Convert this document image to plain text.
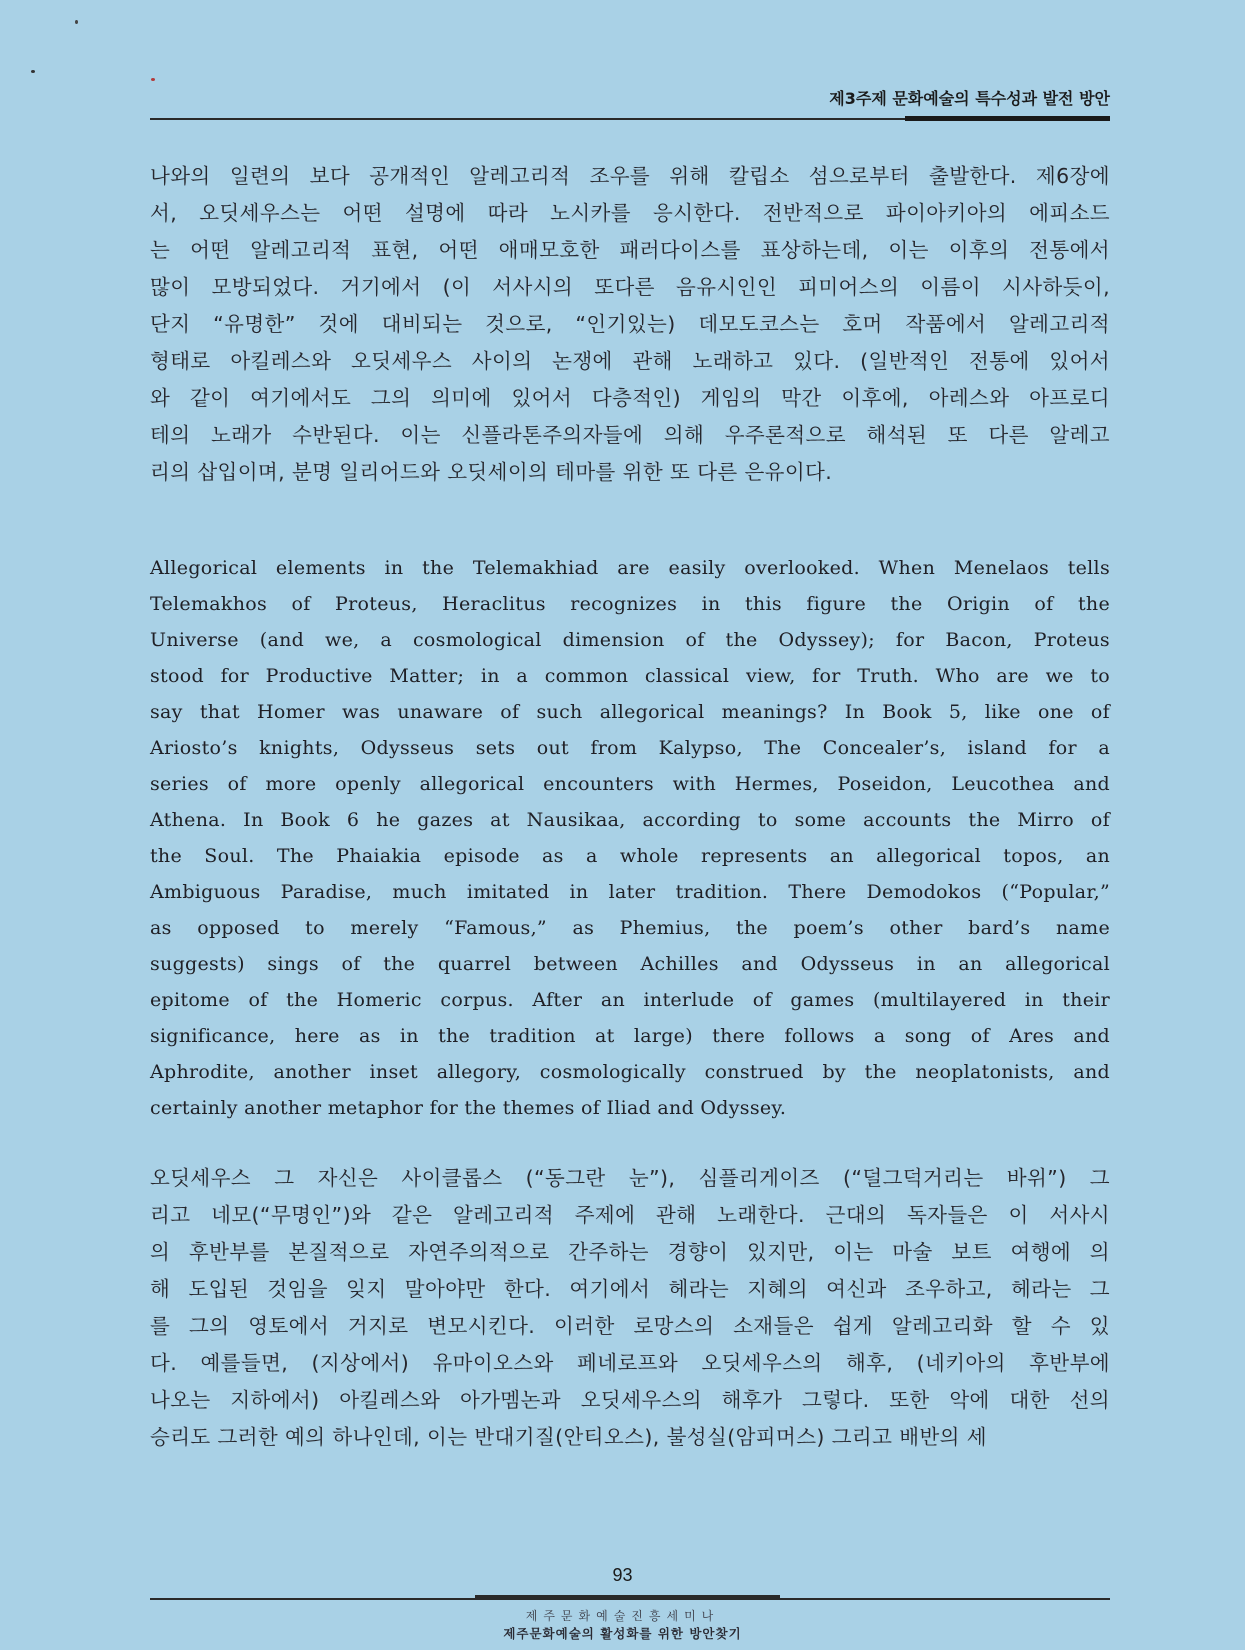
제3주제 문화예술의 특수성과 발전 방안
나와의 일련의 보다 공개적인 알레고리적 조우를 위해 칼립소 섬으로부터 출발한다. 제6장에
서, 오딧세우스는 어떤 설명에 따라 노시카를 응시한다. 전반적으로 파이아키아의 에피소드
는 어떤 알레고리적 표현, 어떤 애매모호한 패러다이스를 표상하는데, 이는 이후의 전통에서
많이 모방되었다. 거기에서 (이 서사시의 또다른 음유시인인 피미어스의 이름이 시사하듯이,
단지 “유명한” 것에 대비되는 것으로, “인기있는) 데모도코스는 호머 작품에서 알레고리적
형태로 아킬레스와 오딧세우스 사이의 논쟁에 관해 노래하고 있다. (일반적인 전통에 있어서
와 같이 여기에서도 그의 의미에 있어서 다층적인) 게임의 막간 이후에, 아레스와 아프로디
테의 노래가 수반된다. 이는 신플라톤주의자들에 의해 우주론적으로 해석된 또 다른 알레고
리의 삽입이며, 분명 일리어드와 오딧세이의 테마를 위한 또 다른 은유이다.
Allegorical elements in the Telemakhiad are easily overlooked. When Menelaos tells
Telemakhos of Proteus, Heraclitus recognizes in this figure the Origin of the
Universe (and we, a cosmological dimension of the Odyssey); for Bacon, Proteus
stood for Productive Matter; in a common classical view, for Truth. Who are we to
say that Homer was unaware of such allegorical meanings? In Book 5, like one of
Ariosto’s knights, Odysseus sets out from Kalypso, The Concealer’s, island for a
series of more openly allegorical encounters with Hermes, Poseidon, Leucothea and
Athena. In Book 6 he gazes at Nausikaa, according to some accounts the Mirro of
the Soul. The Phaiakia episode as a whole represents an allegorical topos, an
Ambiguous Paradise, much imitated in later tradition. There Demodokos (“Popular,”
as opposed to merely “Famous,” as Phemius, the poem’s other bard’s name
suggests) sings of the quarrel between Achilles and Odysseus in an allegorical
epitome of the Homeric corpus. After an interlude of games (multilayered in their
significance, here as in the tradition at large) there follows a song of Ares and
Aphrodite, another inset allegory, cosmologically construed by the neoplatonists, and
certainly another metaphor for the themes of Iliad and Odyssey.
오딧세우스 그 자신은 사이클롭스 (“동그란 눈”), 심플리게이즈 (“덜그덕거리는 바위”) 그
리고 네모(“무명인”)와 같은 알레고리적 주제에 관해 노래한다. 근대의 독자들은 이 서사시
의 후반부를 본질적으로 자연주의적으로 간주하는 경향이 있지만, 이는 마술 보트 여행에 의
해 도입된 것임을 잊지 말아야만 한다. 여기에서 헤라는 지혜의 여신과 조우하고, 헤라는 그
를 그의 영토에서 거지로 변모시킨다. 이러한 로망스의 소재들은 쉽게 알레고리화 할 수 있
다. 예를들면, (지상에서) 유마이오스와 페네로프와 오딧세우스의 해후, (네키아의 후반부에
나오는 지하에서) 아킬레스와 아가멤논과 오딧세우스의 해후가 그렇다. 또한 악에 대한 선의
승리도 그러한 예의 하나인데, 이는 반대기질(안티오스), 불성실(암피머스) 그리고 배반의 세
93
제주문화예술진흥세미나
제주문화예술의 활성화를 위한 방안찾기
